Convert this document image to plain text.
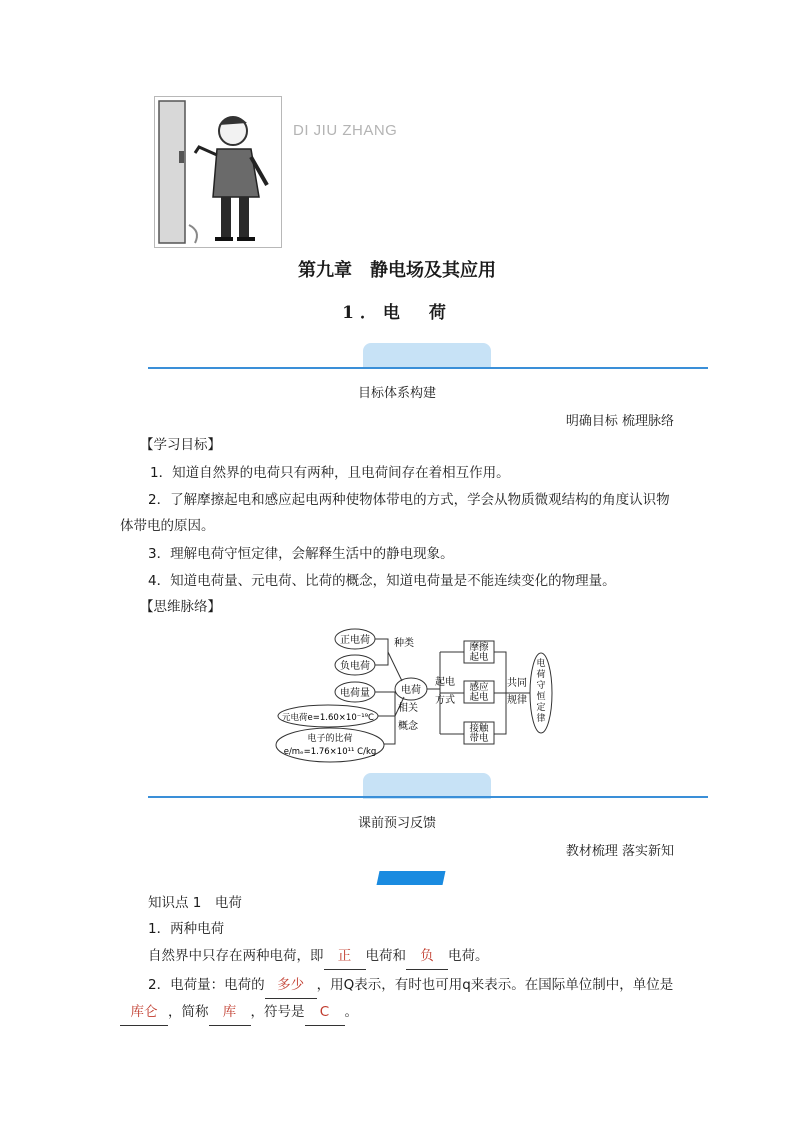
DI JIU ZHANG
第九章　静电场及其应用
1．电　荷
目标体系构建
明确目标 梳理脉络
【学习目标】
1．知道自然界的电荷只有两种，且电荷间存在着相互作用。
2．了解摩擦起电和感应起电两种使物体带电的方式，学会从物质微观结构的角度认识物体带电的原因。
3．理解电荷守恒定律，会解释生活中的静电现象。
4．知道电荷量、元电荷、比荷的概念，知道电荷量是不能连续变化的物理量。
【思维脉络】
正电荷
负电荷
电荷量
元电荷e=1.60×10⁻¹⁹C
电子的比荷
e/mₑ=1.76×10¹¹ C/kg
电荷
种类
相关
概念
起电
方式
摩擦
起电
感应
起电
接触
带电
共同
规律
电
荷
守
恒
定
律
课前预习反馈
教材梳理 落实新知
知识点 1　电荷
1．两种电荷
自然界中只存在两种电荷，即 正 电荷和 负 电荷。
2．电荷量：电荷的 多少 ，用Q表示，有时也可用q来表示。在国际单位制中，单位是库仑 ，简称 库 ，符号是 C 。
